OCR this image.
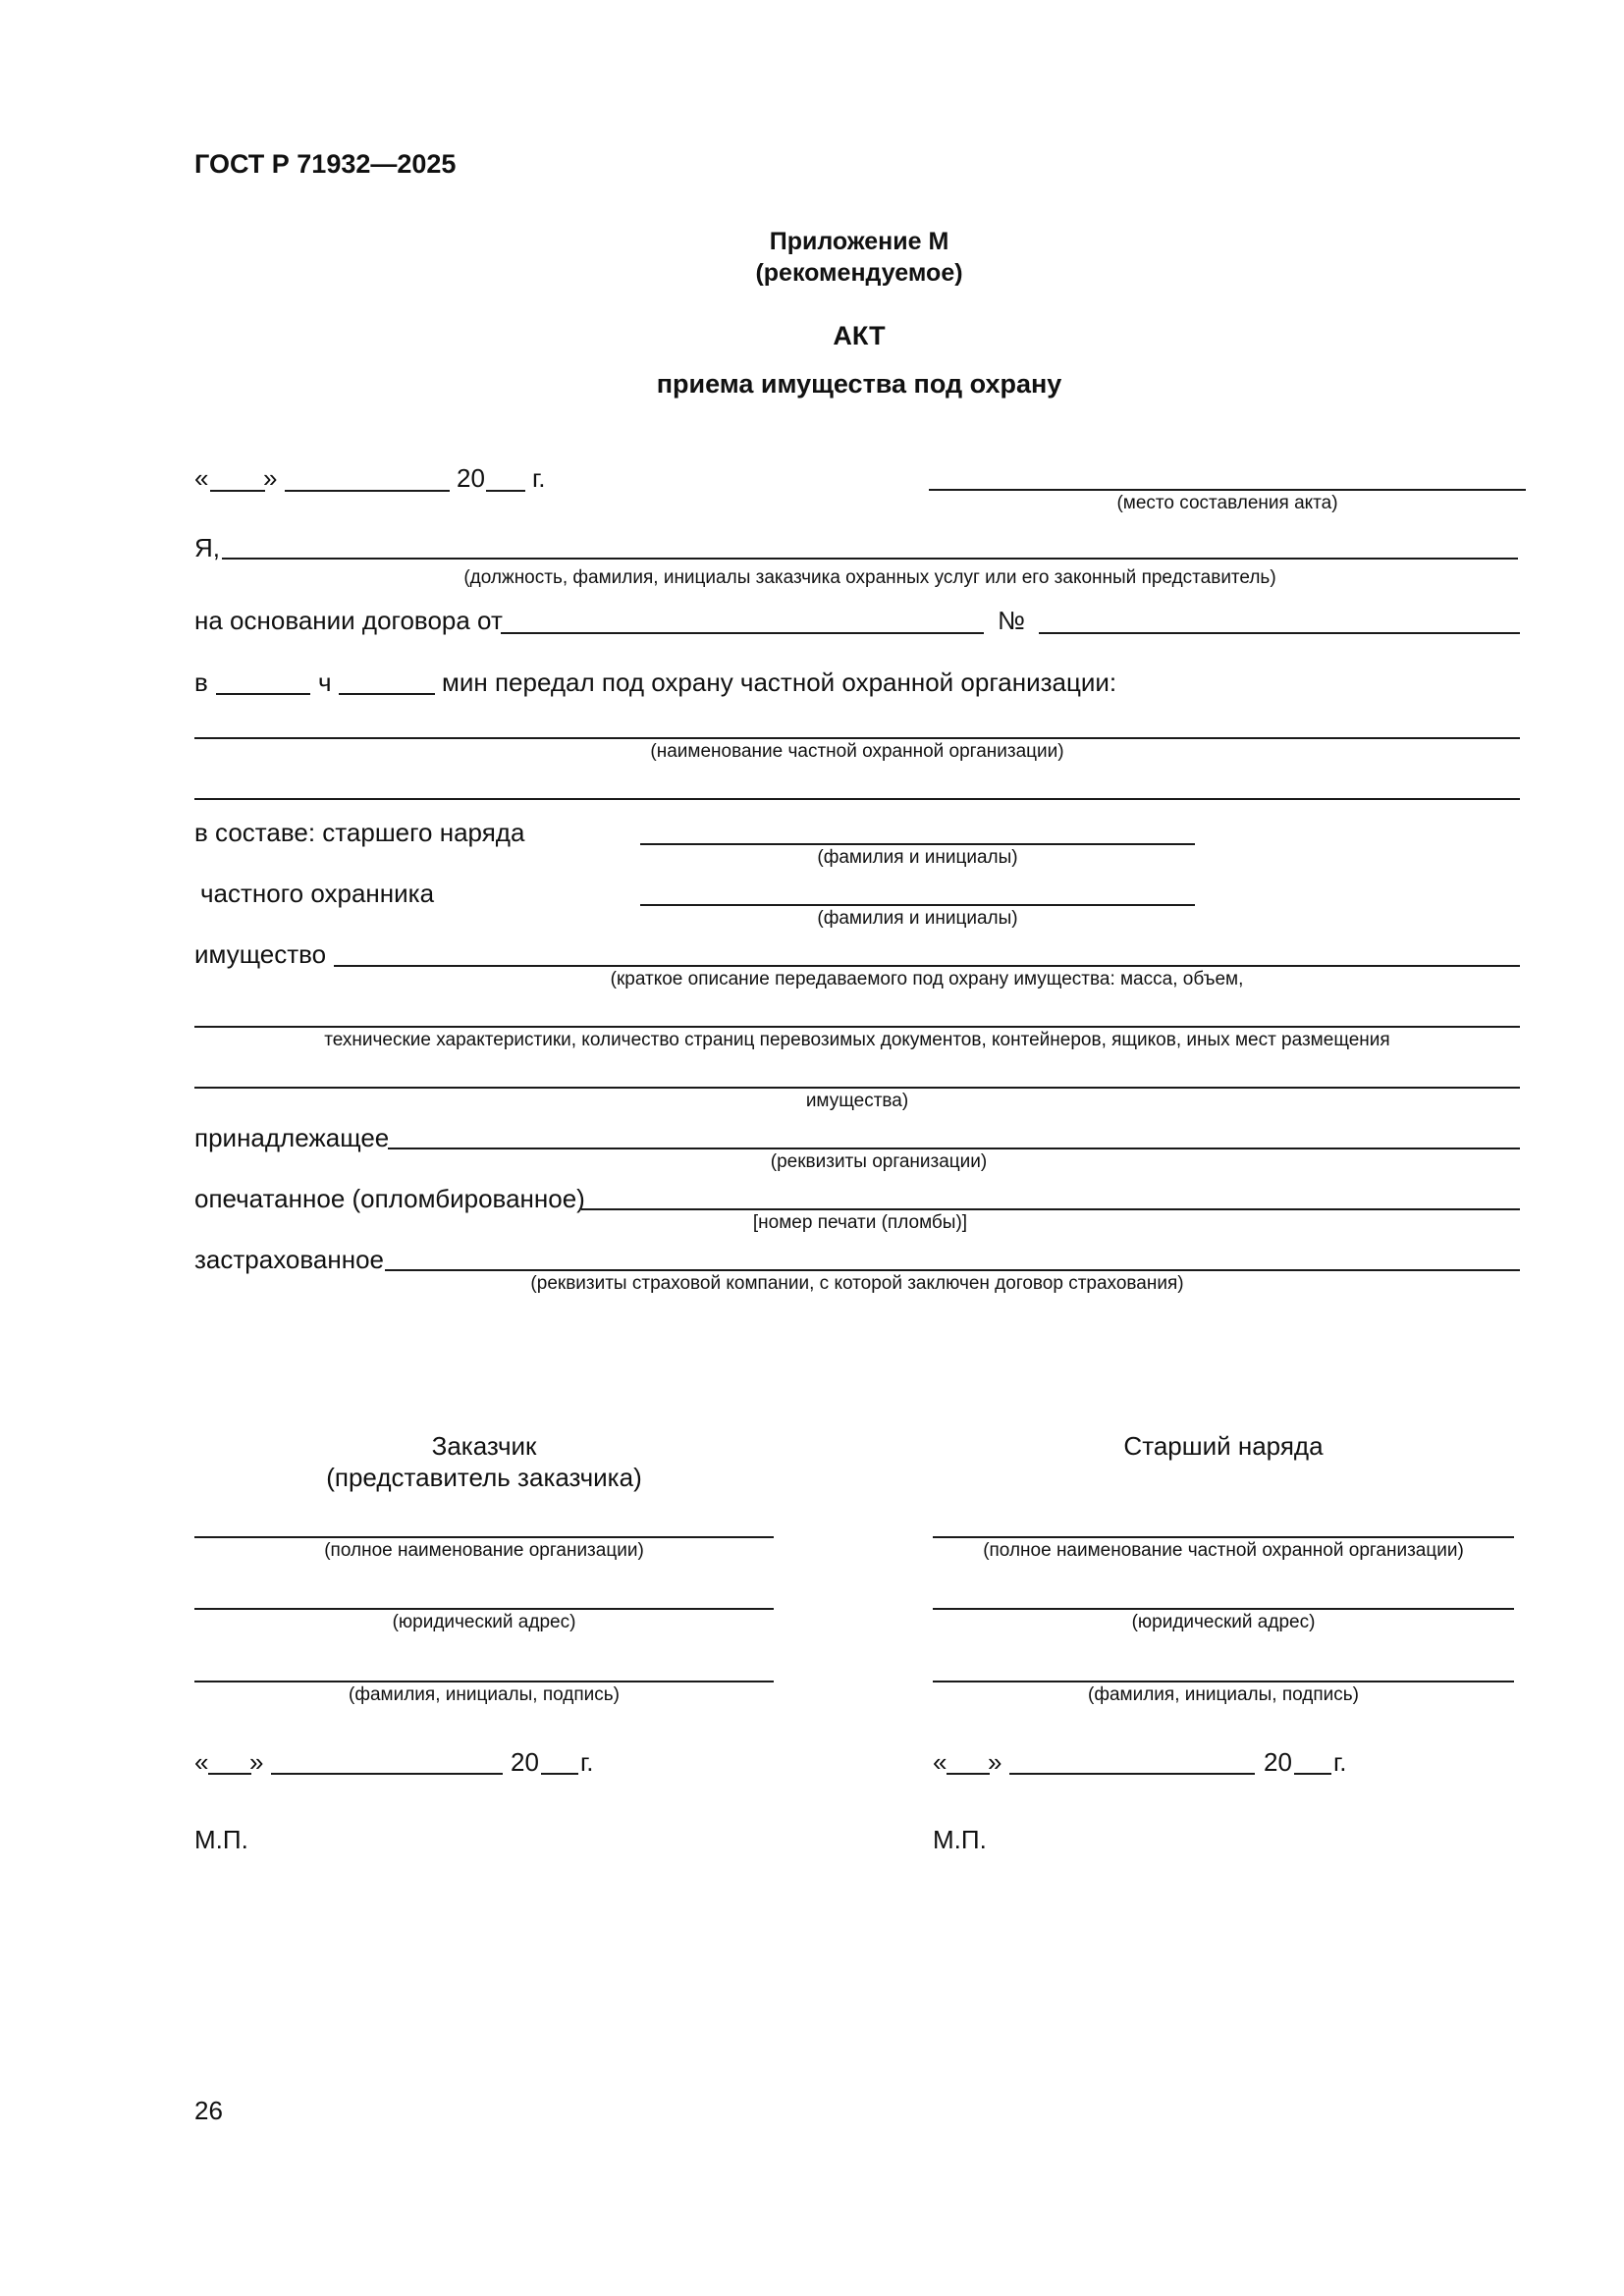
ГОСТ Р 71932—2025
Приложение М
(рекомендуемое)
АКТ
приема имущества под охрану
« »	20 г.
(место составления акта)
Я,
(должность, фамилия, инициалы заказчика охранных услуг или его законный представитель)
на основании договора от	№
в	ч	мин передал под охрану частной охранной организации:
(наименование частной охранной организации)
в составе: старшего наряда
(фамилия и инициалы)
частного охранника
(фамилия и инициалы)
имущество
(краткое описание передаваемого под охрану имущества: масса, объем,
технические характеристики, количество страниц перевозимых документов, контейнеров, ящиков, иных мест размещения
имущества)
принадлежащее
(реквизиты организации)
опечатанное (опломбированное)
[номер печати (пломбы)]
застрахованное
(реквизиты страховой компании, с которой заключен договор страхования)
Заказчик
(представитель заказчика)
(полное наименование организации)
(юридический адрес)
(фамилия, инициалы, подпись)
« »	20 г.
М.П.
Старший наряда
(полное наименование частной охранной организации)
(юридический адрес)
(фамилия, инициалы, подпись)
« »	20 г.
М.П.
26
